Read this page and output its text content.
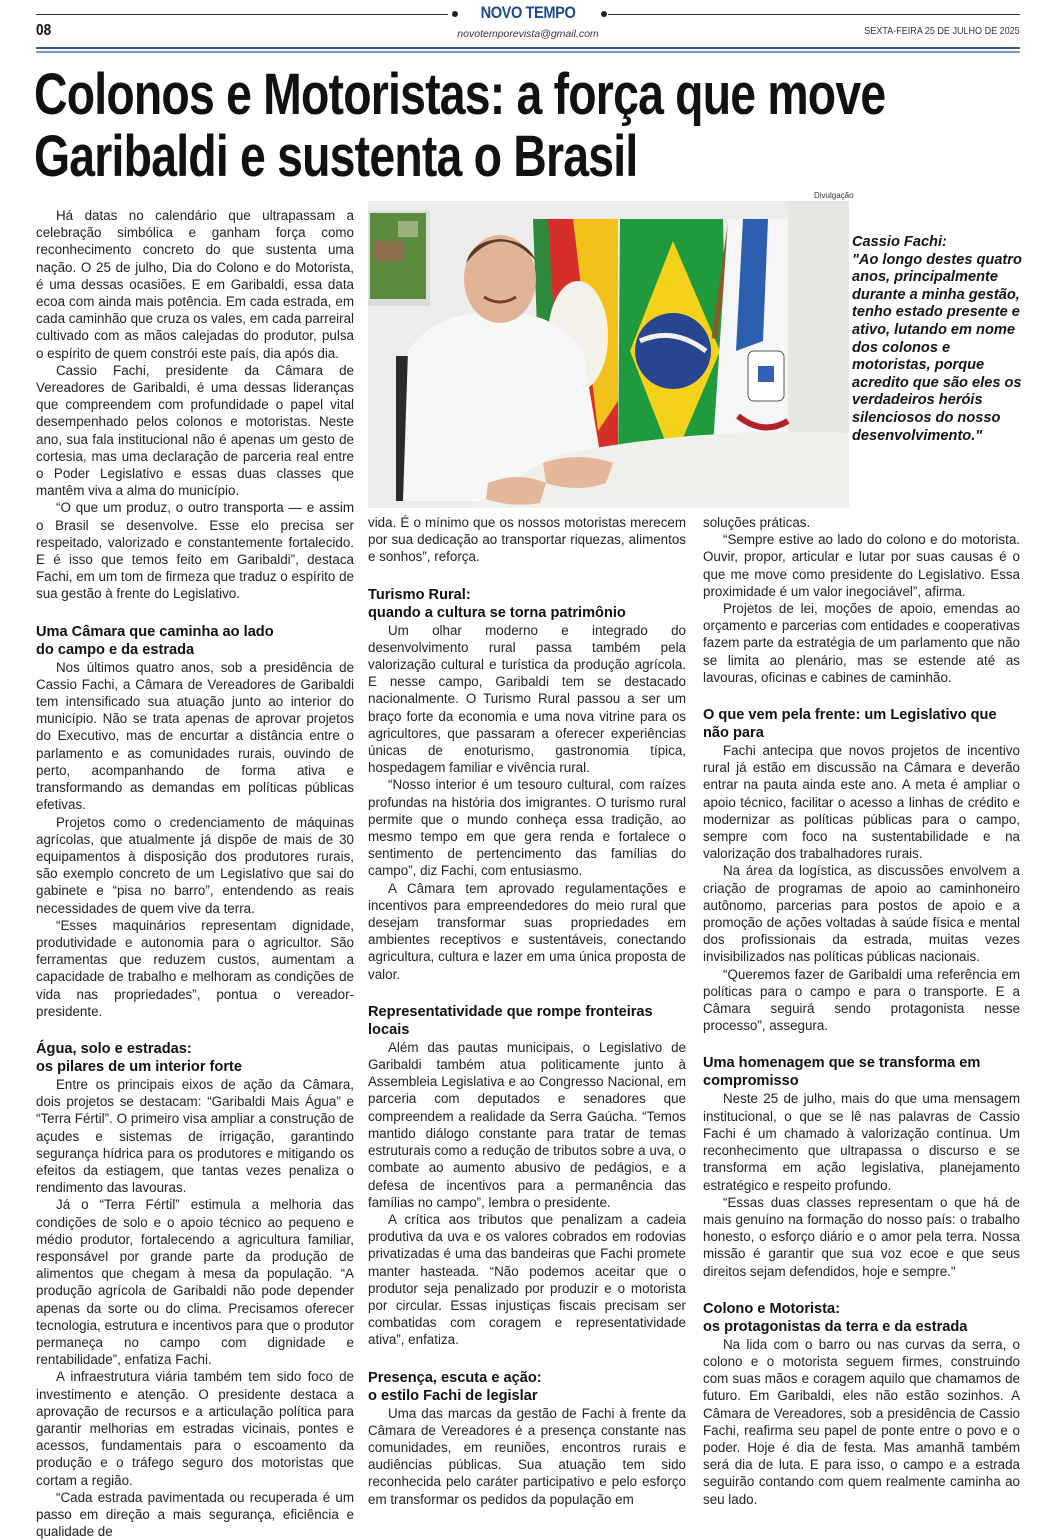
NOVO TEMPO
08	novotemporevista@gmail.com	SEXTA-FEIRA 25 DE JULHO DE 2025
Colonos e Motoristas: a força que move Garibaldi e sustenta o Brasil
Divulgação
Cassio Fachi:
"Ao longo destes quatro anos, principalmente durante a minha gestão, tenho estado presente e ativo, lutando em nome dos colonos e motoristas, porque acredito que são eles os verdadeiros heróis silenciosos do nosso desenvolvimento."

Há datas no calendário que ultrapassam a celebração simbólica e ganham força como reconhecimento concreto do que sustenta uma nação. O 25 de julho, Dia do Colono e do Motorista, é uma dessas ocasiões. E em Garibaldi, essa data ecoa com ainda mais potência. Em cada estrada, em cada caminhão que cruza os vales, em cada parreiral cultivado com as mãos calejadas do produtor, pulsa o espírito de quem constrói este país, dia após dia.

Cassio Fachi, presidente da Câmara de Vereadores de Garibaldi, é uma dessas lideranças que compreendem com profundidade o papel vital desempenhado pelos colonos e motoristas. Neste ano, sua fala institucional não é apenas um gesto de cortesia, mas uma declaração de parceria real entre o Poder Legislativo e essas duas classes que mantêm viva a alma do município.

“O que um produz, o outro transporta — e assim o Brasil se desenvolve. Esse elo precisa ser respeitado, valorizado e constantemente fortalecido. E é isso que temos feito em Garibaldi”, destaca Fachi, em um tom de firmeza que traduz o espírito de sua gestão à frente do Legislativo.

Uma Câmara que caminha ao lado
do campo e da estrada

Nos últimos quatro anos, sob a presidência de Cassio Fachi, a Câmara de Vereadores de Garibaldi tem intensificado sua atuação junto ao interior do município. Não se trata apenas de aprovar projetos do Executivo, mas de encurtar a distância entre o parlamento e as comunidades rurais, ouvindo de perto, acompanhando de forma ativa e transformando as demandas em políticas públicas efetivas.

Projetos como o credenciamento de máquinas agrícolas, que atualmente já dispõe de mais de 30 equipamentos à disposição dos produtores rurais, são exemplo concreto de um Legislativo que sai do gabinete e “pisa no barro”, entendendo as reais necessidades de quem vive da terra.

“Esses maquinários representam dignidade, produtividade e autonomia para o agricultor. São ferramentas que reduzem custos, aumentam a capacidade de trabalho e melhoram as condições de vida nas propriedades”, pontua o vereador-presidente.

Água, solo e estradas:
os pilares de um interior forte

Entre os principais eixos de ação da Câmara, dois projetos se destacam: “Garibaldi Mais Água” e “Terra Fértil”. O primeiro visa ampliar a construção de açudes e sistemas de irrigação, garantindo segurança hídrica para os produtores e mitigando os efeitos da estiagem, que tantas vezes penaliza o rendimento das lavouras.

Já o “Terra Fértil” estimula a melhoria das condições de solo e o apoio técnico ao pequeno e médio produtor, fortalecendo a agricultura familiar, responsável por grande parte da produção de alimentos que chegam à mesa da população. “A produção agrícola de Garibaldi não pode depender apenas da sorte ou do clima. Precisamos oferecer tecnologia, estrutura e incentivos para que o produtor permaneça no campo com dignidade e rentabilidade”, enfatiza Fachi.

A infraestrutura viária também tem sido foco de investimento e atenção. O presidente destaca a aprovação de recursos e a articulação política para garantir melhorias em estradas vicinais, pontes e acessos, fundamentais para o escoamento da produção e o tráfego seguro dos motoristas que cortam a região.

“Cada estrada pavimentada ou recuperada é um passo em direção a mais segurança, eficiência e qualidade de

vida. É o mínimo que os nossos motoristas merecem por sua dedicação ao transportar riquezas, alimentos e sonhos”, reforça.

Turismo Rural:
quando a cultura se torna patrimônio

Um olhar moderno e integrado do desenvolvimento rural passa também pela valorização cultural e turística da produção agrícola. E nesse campo, Garibaldi tem se destacado nacionalmente. O Turismo Rural passou a ser um braço forte da economia e uma nova vitrine para os agricultores, que passaram a oferecer experiências únicas de enoturismo, gastronomia típica, hospedagem familiar e vivência rural.

“Nosso interior é um tesouro cultural, com raízes profundas na história dos imigrantes. O turismo rural permite que o mundo conheça essa tradição, ao mesmo tempo em que gera renda e fortalece o sentimento de pertencimento das famílias do campo”, diz Fachi, com entusiasmo.

A Câmara tem aprovado regulamentações e incentivos para empreendedores do meio rural que desejam transformar suas propriedades em ambientes receptivos e sustentáveis, conectando agricultura, cultura e lazer em uma única proposta de valor.

Representatividade que rompe fronteiras locais

Além das pautas municipais, o Legislativo de Garibaldi também atua politicamente junto à Assembleia Legislativa e ao Congresso Nacional, em parceria com deputados e senadores que compreendem a realidade da Serra Gaúcha. “Temos mantido diálogo constante para tratar de temas estruturais como a redução de tributos sobre a uva, o combate ao aumento abusivo de pedágios, e a defesa de incentivos para a permanência das famílias no campo”, lembra o presidente.

A crítica aos tributos que penalizam a cadeia produtiva da uva e os valores cobrados em rodovias privatizadas é uma das bandeiras que Fachi promete manter hasteada. “Não podemos aceitar que o produtor seja penalizado por produzir e o motorista por circular. Essas injustiças fiscais precisam ser combatidas com coragem e representatividade ativa”, enfatiza.

Presença, escuta e ação:
o estilo Fachi de legislar

Uma das marcas da gestão de Fachi à frente da Câmara de Vereadores é a presença constante nas comunidades, em reuniões, encontros rurais e audiências públicas. Sua atuação tem sido reconhecida pelo caráter participativo e pelo esforço em transformar os pedidos da população em

soluções práticas.

“Sempre estive ao lado do colono e do motorista. Ouvir, propor, articular e lutar por suas causas é o que me move como presidente do Legislativo. Essa proximidade é um valor inegociável”, afirma.

Projetos de lei, moções de apoio, emendas ao orçamento e parcerias com entidades e cooperativas fazem parte da estratégia de um parlamento que não se limita ao plenário, mas se estende até as lavouras, oficinas e cabines de caminhão.

O que vem pela frente: um Legislativo que não para

Fachi antecipa que novos projetos de incentivo rural já estão em discussão na Câmara e deverão entrar na pauta ainda este ano. A meta é ampliar o apoio técnico, facilitar o acesso a linhas de crédito e modernizar as políticas públicas para o campo, sempre com foco na sustentabilidade e na valorização dos trabalhadores rurais.

Na área da logística, as discussões envolvem a criação de programas de apoio ao caminhoneiro autônomo, parcerias para postos de apoio e a promoção de ações voltadas à saúde física e mental dos profissionais da estrada, muitas vezes invisibilizados nas políticas públicas nacionais.

“Queremos fazer de Garibaldi uma referência em políticas para o campo e para o transporte. E a Câmara seguirá sendo protagonista nesse processo”, assegura.

Uma homenagem que se transforma em compromisso

Neste 25 de julho, mais do que uma mensagem institucional, o que se lê nas palavras de Cassio Fachi é um chamado à valorização contínua. Um reconhecimento que ultrapassa o discurso e se transforma em ação legislativa, planejamento estratégico e respeito profundo.

“Essas duas classes representam o que há de mais genuíno na formação do nosso país: o trabalho honesto, o esforço diário e o amor pela terra. Nossa missão é garantir que sua voz ecoe e que seus direitos sejam defendidos, hoje e sempre."

Colono e Motorista:
os protagonistas da terra e da estrada

Na lida com o barro ou nas curvas da serra, o colono e o motorista seguem firmes, construindo com suas mãos e coragem aquilo que chamamos de futuro. Em Garibaldi, eles não estão sozinhos. A Câmara de Vereadores, sob a presidência de Cassio Fachi, reafirma seu papel de ponte entre o povo e o poder. Hoje é dia de festa. Mas amanhã também será dia de luta. E para isso, o campo e a estrada seguirão contando com quem realmente caminha ao seu lado.
